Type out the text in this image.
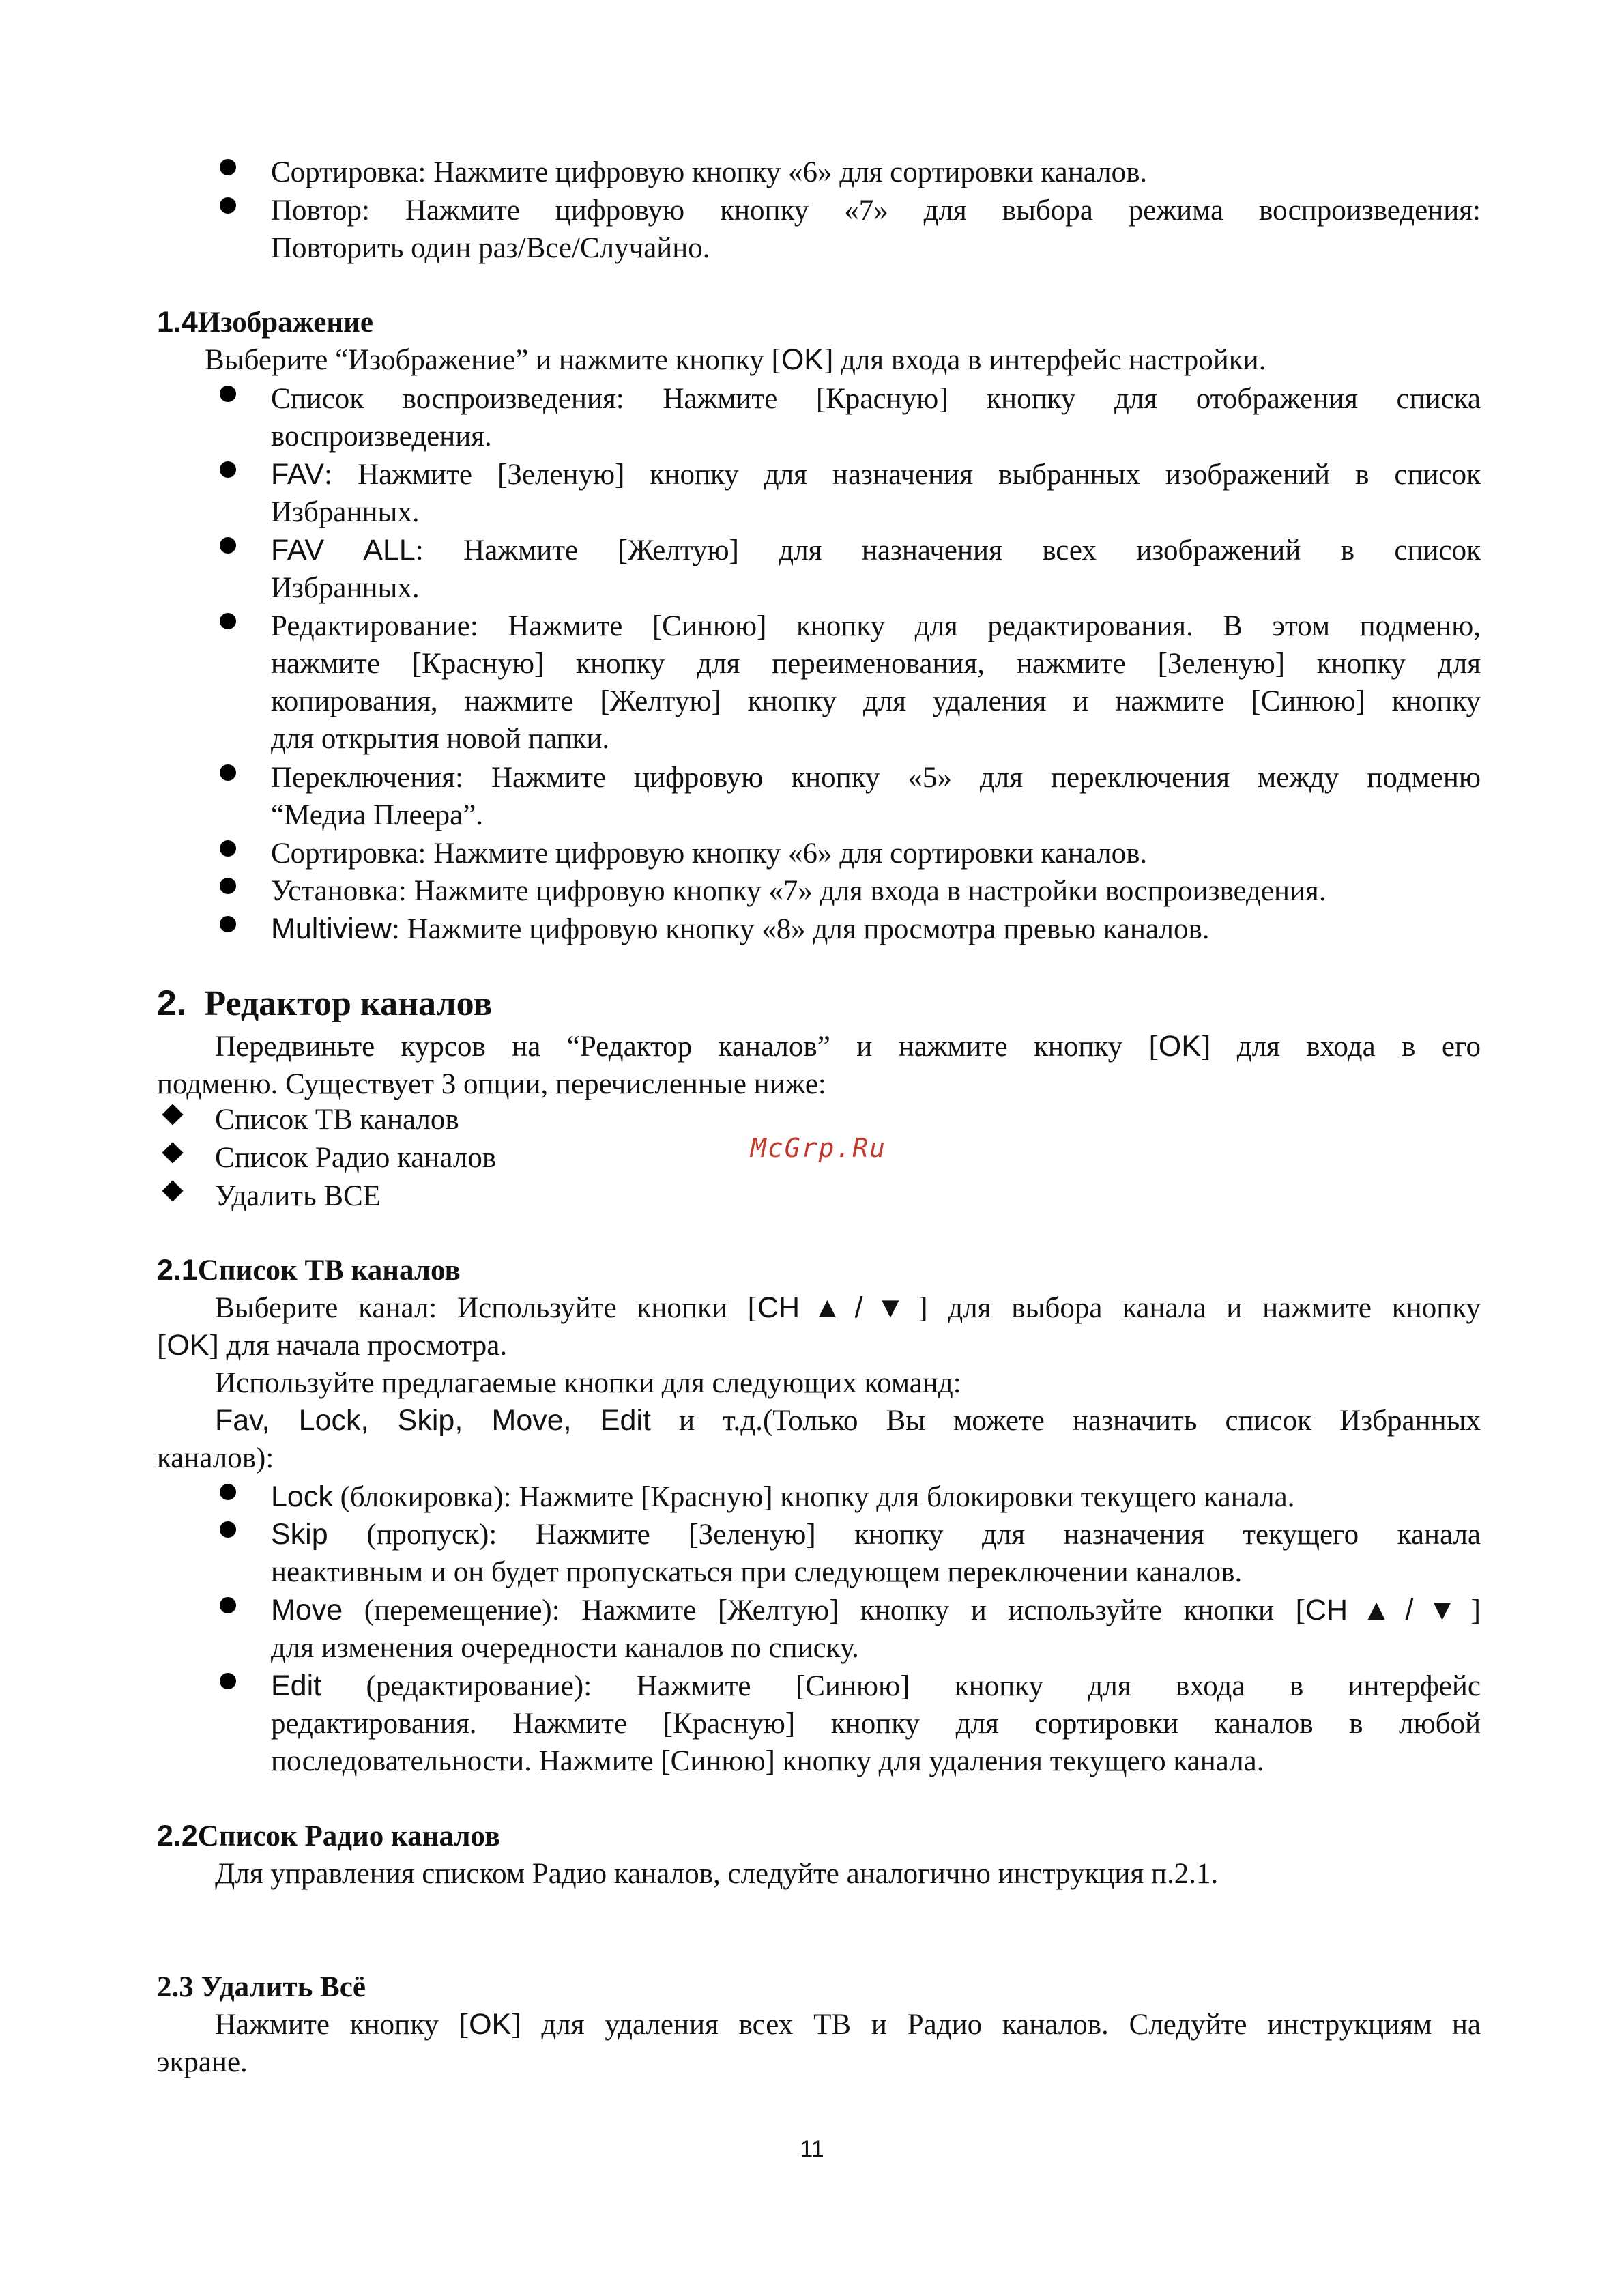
Сортировка: Нажмите цифровую кнопку «6» для сортировки каналов.

Повтор: Нажмите цифровую кнопку «7» для выбора режима воспроизведения:

Повторить один раз/Все/Случайно.

1.4Изображение

Выберите “Изображение” и нажмите кнопку [OK] для входа в интерфейс настройки.

Список воспроизведения: Нажмите [Красную] кнопку для отображения списка

воспроизведения.

FAV: Нажмите [Зеленую] кнопку для назначения выбранных изображений в список

Избранных.

FAV ALL: Нажмите [Желтую] для назначения всех изображений в список

Избранных.

Редактирование: Нажмите [Синюю] кнопку для редактирования. В этом подменю,

нажмите [Красную] кнопку для переименования, нажмите [Зеленую] кнопку для

копирования, нажмите [Желтую] кнопку для удаления и нажмите [Синюю] кнопку

для открытия новой папки.

Переключения: Нажмите цифровую кнопку «5» для переключения между подменю

“Медиа Плеера”.

Сортировка: Нажмите цифровую кнопку «6» для сортировки каналов.

Установка: Нажмите цифровую кнопку «7» для входа в настройки воспроизведения.

Multiview: Нажмите цифровую кнопку «8» для просмотра превью каналов.

2. Редактор каналов

Передвиньте курсов на “Редактор каналов” и нажмите кнопку [OK] для входа в его

подменю. Существует 3 опции, перечисленные ниже:

Список ТВ каналов

Список Радио каналов

Удалить ВСЕ

McGrp.Ru
2.1Список ТВ каналов

Выберите канал: Используйте кнопки [CH▲/▼] для выбора канала и нажмите кнопку

[OK] для начала просмотра.

Используйте предлагаемые кнопки для следующих команд:

Fav, Lock, Skip, Move, Edit и т.д.(Только Вы можете назначить список Избранных

каналов):

Lock (блокировка): Нажмите [Красную] кнопку для блокировки текущего канала.

Skip (пропуск): Нажмите [Зеленую] кнопку для назначения текущего канала

неактивным и он будет пропускаться при следующем переключении каналов.

Move (перемещение): Нажмите [Желтую] кнопку и используйте кнопки [CH▲/▼]

для изменения очередности каналов по списку.

Edit (редактирование): Нажмите [Синюю] кнопку для входа в интерфейс

редактирования. Нажмите [Красную] кнопку для сортировки каналов в любой

последовательности. Нажмите [Синюю] кнопку для удаления текущего канала.

2.2Список Радио каналов

Для управления списком Радио каналов, следуйте аналогично инструкция п.2.1.

2.3 Удалить Всё

Нажмите кнопку [OK] для удаления всех ТВ и Радио каналов. Следуйте инструкциям на

экране.

11
